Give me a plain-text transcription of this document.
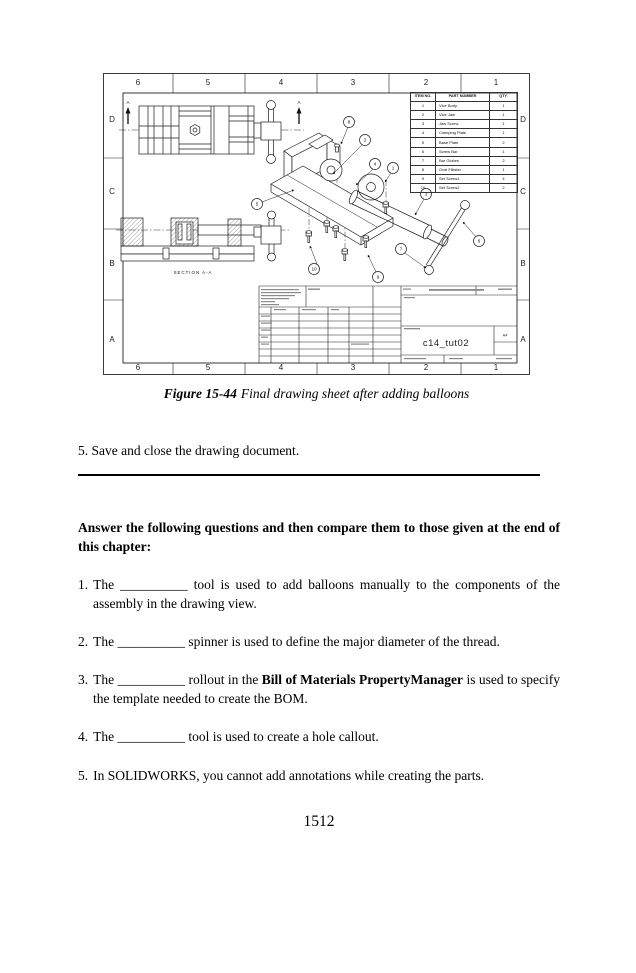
A	A
SECTION A-A
1
2
3
4
5
6
7
8
9
10
c14_tut02
A4
ITEM NO.	PART NUMBER	QTY.
1	Vice Body	1
2	Vice Jaw	1
3	Jaw Screw	1
4	Clamping Plate	1
5	Base Plate	2
6	Screw Bar	1
7	Bar Globes	2
8	Oval Fillister	1
9	Set Screw1	4
10	Set Screw2	2
6
6
5
5
4
4
3
3
2
2
1
1
D	D
C	C
B	B
A	A
Figure 15-44 Final drawing sheet after adding balloons

5. Save and close the drawing document.

Answer the following questions and then compare them to those given at the end of this chapter:

1. The __________ tool is used to add balloons manually to the components of the assembly in the drawing view.
2. The __________ spinner is used to define the major diameter of the thread.
3. The __________ rollout in the Bill of Materials PropertyManager is used to specify the template needed to create the BOM.
4. The __________ tool is used to create a hole callout.
5. In SOLIDWORKS, you cannot add annotations while creating the parts.
1512
